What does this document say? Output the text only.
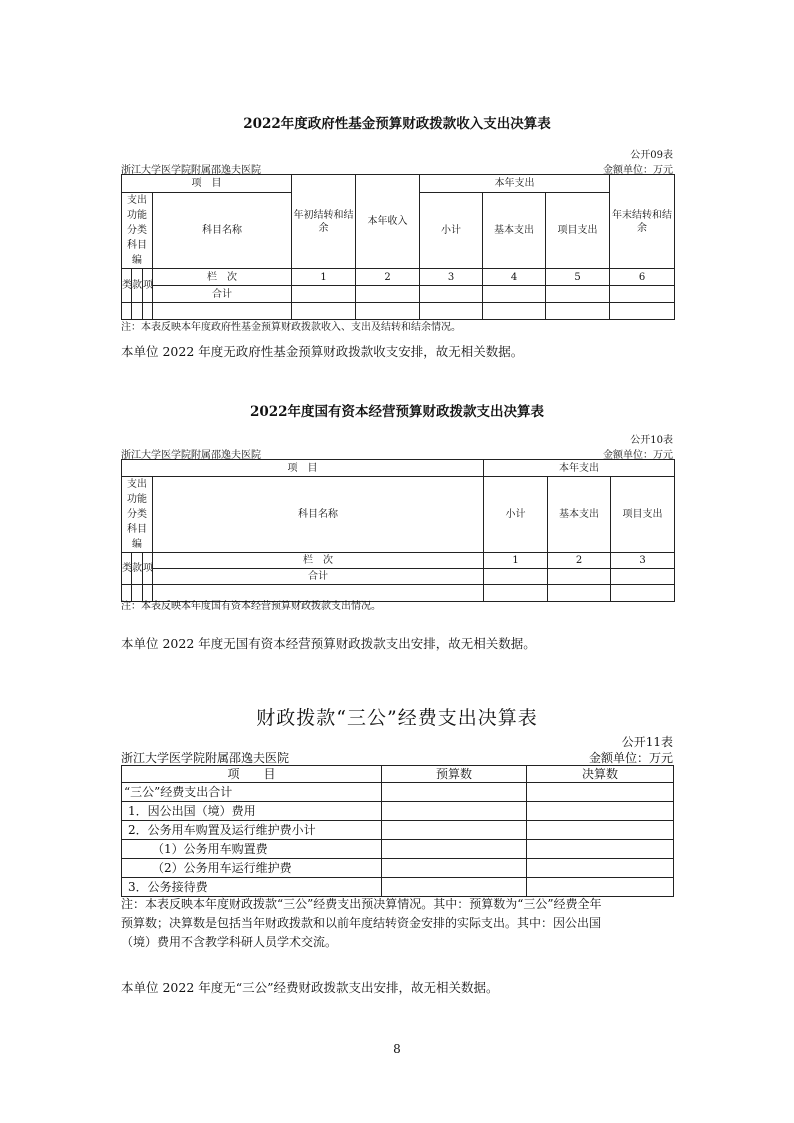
2022年度政府性基金预算财政拨款收入支出决算表
公开09表
浙江大学医学院附属邵逸夫医院	金额单位：万元
项　目				年初结转和结余	本年收入	本年支出			年末结转和结余
支出功能分类科目编			科目名称			小计	基本支出	项目支出	

类	款	项	栏　次	1	2	3	4	5	6
			合计						

注：本表反映本年度政府性基金预算财政拨款收入、支出及结转和结余情况。
本单位 2022 年度无政府性基金预算财政拨款收支安排，故无相关数据。
2022年度国有资本经营预算财政拨款支出决算表
公开10表
浙江大学医学院附属邵逸夫医院	金额单位：万元
项　目				本年支出		
支出功能分类科目编			科目名称	小计	基本支出	项目支出
类	款	项	栏　次	1	2	3
			合计			

注：本表反映本年度国有资本经营预算财政拨款支出情况。
本单位 2022 年度无国有资本经营预算财政拨款支出安排，故无相关数据。
财政拨款“三公”经费支出决算表
公开11表
浙江大学医学院附属邵逸夫医院	金额单位：万元
项　　目	预算数	决算数
“三公”经费支出合计		
1．因公出国（境）费用		
2．公务用车购置及运行维护费小计		
（1）公务用车购置费		
（2）公务用车运行维护费		
3．公务接待费		
注：本表反映本年度财政拨款“三公”经费支出预决算情况。其中：预算数为“三公”经费全年
预算数；决算数是包括当年财政拨款和以前年度结转资金安排的实际支出。其中：因公出国
（境）费用不含教学科研人员学术交流。
本单位 2022 年度无“三公”经费财政拨款支出安排，故无相关数据。
8
